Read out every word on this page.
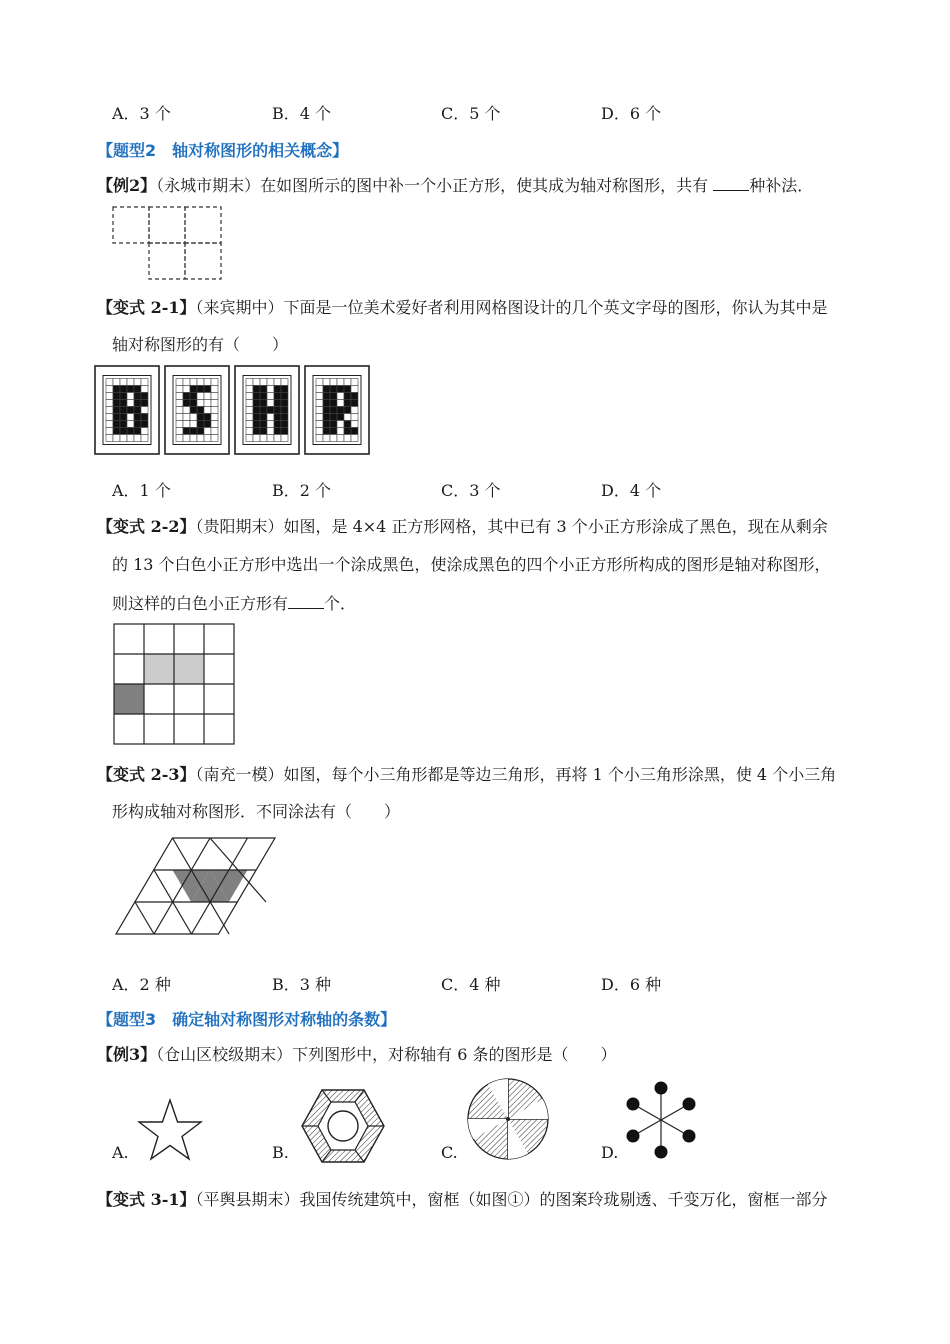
A．3 个	B．4 个	C．5 个	D．6 个
【题型2　轴对称图形的相关概念】
【例2】（永城市期末）在如图所示的图中补一个小正方形，使其成为轴对称图形，共有	种补法．
【变式 2-1】（来宾期中）下面是一位美术爱好者利用网格图设计的几个英文字母的图形，你认为其中是
轴对称图形的有（　　）
A．1 个	B．2 个	C．3 个	D．4 个
【变式 2-2】（贵阳期末）如图，是 4×4 正方形网格，其中已有 3 个小正方形涂成了黑色，现在从剩余
的 13 个白色小正方形中选出一个涂成黑色，使涂成黑色的四个小正方形所构成的图形是轴对称图形，
则这样的白色小正方形有 个．
【变式 2-3】（南充一模）如图，每个小三角形都是等边三角形，再将 1 个小三角形涂黑，使 4 个小三角
形构成轴对称图形．不同涂法有（　　）
A．2 种	B．3 种	C．4 种	D．6 种
【题型3　确定轴对称图形对称轴的条数】
【例3】（仓山区校级期末）下列图形中，对称轴有 6 条的图形是（　　）
A.	B.	C.	D.
【变式 3-1】（平舆县期末）我国传统建筑中，窗框（如图①）的图案玲珑剔透、千变万化，窗框一部分
